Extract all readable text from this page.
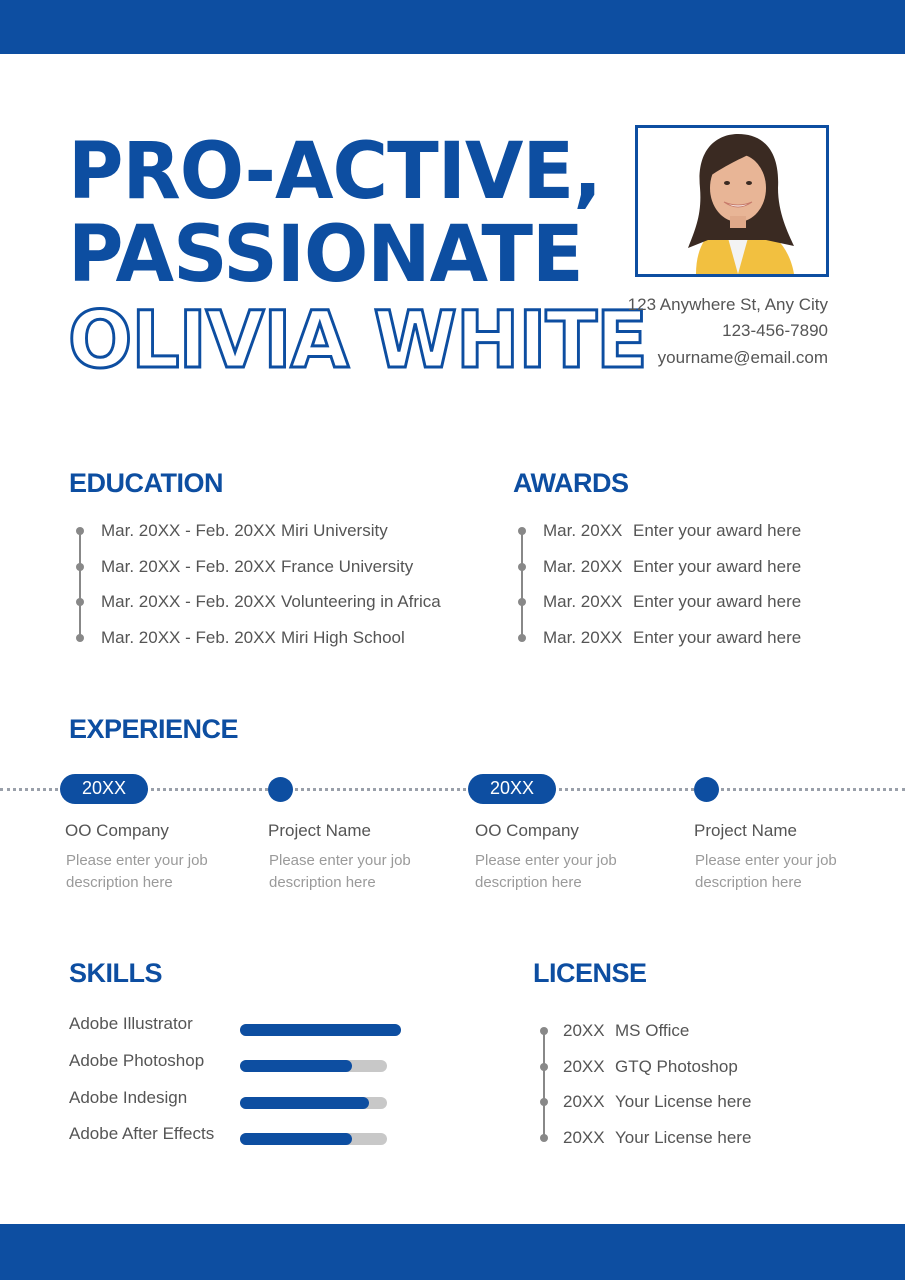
PRO-ACTIVE,
PASSIONATE
OLIVIA WHITE
123 Anywhere St, Any City
123-456-7890
yourname@email.com
EDUCATION
Mar. 20XX - Feb. 20XX Miri University
Mar. 20XX - Feb. 20XX France University
Mar. 20XX - Feb. 20XX Volunteering in Africa
Mar. 20XX - Feb. 20XX Miri High School
AWARDS
Mar. 20XX Enter your award here
Mar. 20XX Enter your award here
Mar. 20XX Enter your award here
Mar. 20XX Enter your award here
EXPERIENCE
20XX	20XX
OO Company
Please enter your job description here
Project Name
Please enter your job description here
OO Company
Please enter your job description here
Project Name
Please enter your job description here
SKILLS
Adobe Illustrator
Adobe Photoshop
Adobe Indesign
Adobe After Effects
LICENSE
20XX MS Office
20XX GTQ Photoshop
20XX Your License here
20XX Your License here
